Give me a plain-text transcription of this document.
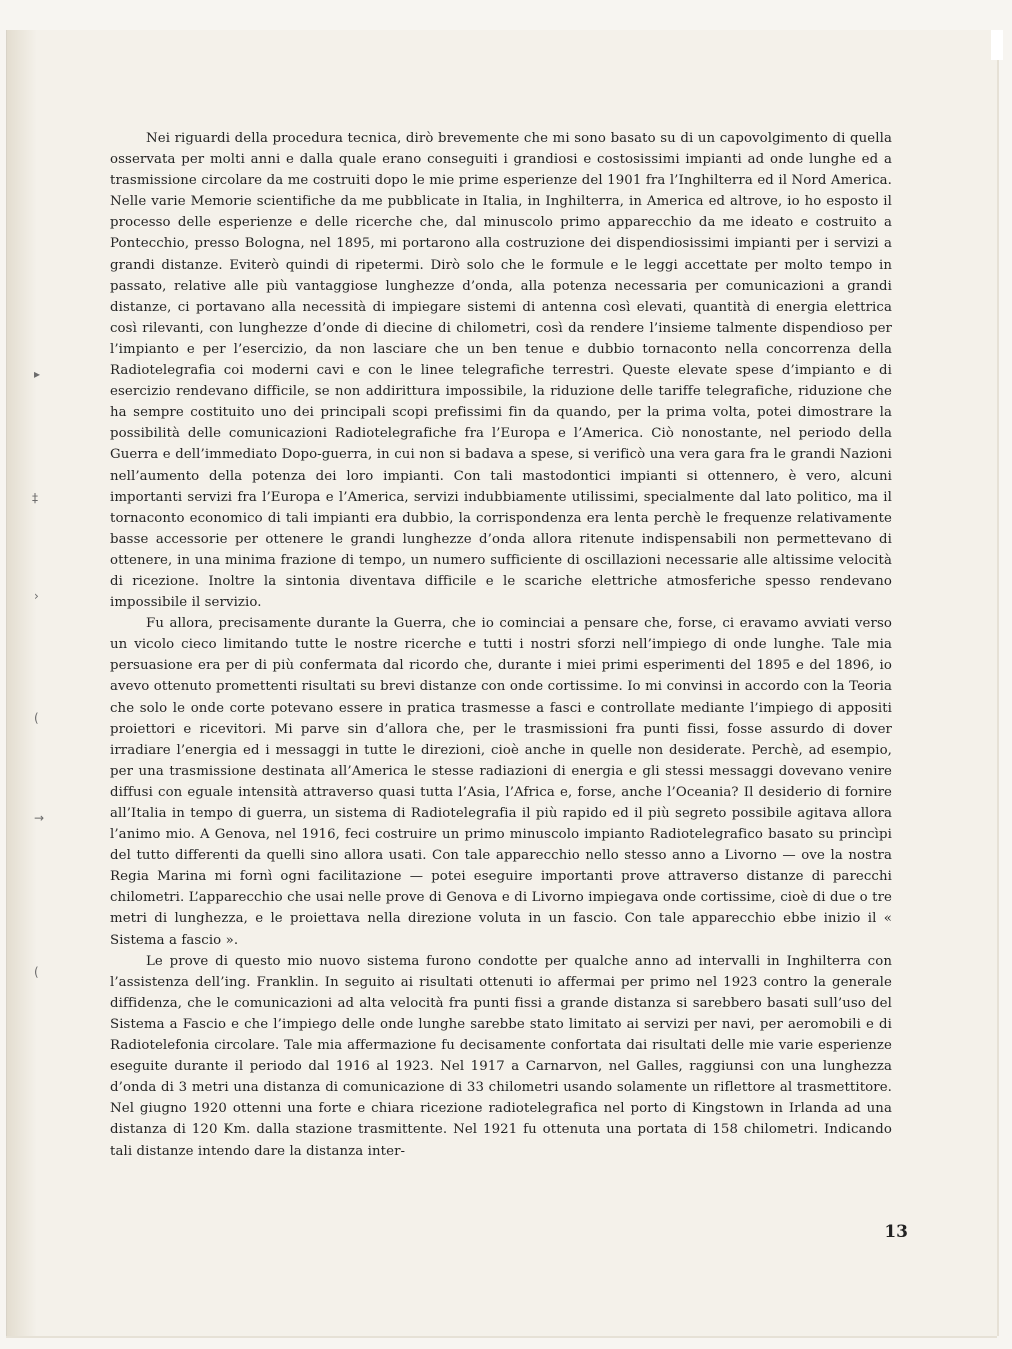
▸
‡
›
(
→
(

Nei riguardi della procedura tecnica, dirò brevemente che mi sono basato su di un capovolgimento di quella osservata per molti anni e dalla quale erano conseguiti i grandiosi e costosissimi impianti ad onde lunghe ed a trasmissione circolare da me costruiti dopo le mie prime esperienze del 1901 fra l’Inghilterra ed il Nord America. Nelle varie Memorie scientifiche da me pubblicate in Italia, in Inghilterra, in America ed altrove, io ho esposto il processo delle esperienze e delle ricerche che, dal minuscolo primo apparecchio da me ideato e costruito a Pontecchio, presso Bologna, nel 1895, mi portarono alla costruzione dei dispendiosissimi impianti per i servizi a grandi distanze. Eviterò quindi di ripetermi. Dirò solo che le formule e le leggi accettate per molto tempo in passato, relative alle più vantaggiose lunghezze d’onda, alla potenza necessaria per comunicazioni a grandi distanze, ci portavano alla necessità di impiegare sistemi di antenna così elevati, quantità di energia elettrica così rilevanti, con lunghezze d’onde di diecine di chilometri, così da rendere l’insieme talmente dispendioso per l’impianto e per l’esercizio, da non lasciare che un ben tenue e dubbio tornaconto nella concorrenza della Radiotelegrafia coi moderni cavi e con le linee telegrafiche terrestri. Queste elevate spese d’impianto e di esercizio rendevano difficile, se non addirittura impossibile, la riduzione delle tariffe telegrafiche, riduzione che ha sempre costituito uno dei principali scopi prefissimi fin da quando, per la prima volta, potei dimostrare la possibilità delle comunicazioni Radiotelegrafiche fra l’Europa e l’America. Ciò nonostante, nel periodo della Guerra e dell’immediato Dopo-guerra, in cui non si badava a spese, si verificò una vera gara fra le grandi Nazioni nell’aumento della potenza dei loro impianti. Con tali mastodontici impianti si ottennero, è vero, alcuni importanti servizi fra l’Europa e l’America, servizi indubbiamente utilissimi, specialmente dal lato politico, ma il tornaconto economico di tali impianti era dubbio, la corrispondenza era lenta perchè le frequenze relativamente basse accessorie per ottenere le grandi lunghezze d’onda allora ritenute indispensabili non permettevano di ottenere, in una minima frazione di tempo, un numero sufficiente di oscillazioni necessarie alle altissime velocità di ricezione. Inoltre la sintonia diventava difficile e le scariche elettriche atmosferiche spesso rendevano impossibile il servizio.

Fu allora, precisamente durante la Guerra, che io cominciai a pensare che, forse, ci eravamo avviati verso un vicolo cieco limitando tutte le nostre ricerche e tutti i nostri sforzi nell’impiego di onde lunghe. Tale mia persuasione era per di più confermata dal ricordo che, durante i miei primi esperimenti del 1895 e del 1896, io avevo ottenuto promettenti risultati su brevi distanze con onde cortissime. Io mi convinsi in accordo con la Teoria che solo le onde corte potevano essere in pratica trasmesse a fasci e controllate mediante l’impiego di appositi proiettori e ricevitori. Mi parve sin d’allora che, per le trasmissioni fra punti fissi, fosse assurdo di dover irradiare l’energia ed i messaggi in tutte le direzioni, cioè anche in quelle non desiderate. Perchè, ad esempio, per una trasmissione destinata all’America le stesse radiazioni di energia e gli stessi messaggi dovevano venire diffusi con eguale intensità attraverso quasi tutta l’Asia, l’Africa e, forse, anche l’Oceania? Il desiderio di fornire all’Italia in tempo di guerra, un sistema di Radiotelegrafia il più rapido ed il più segreto possibile agitava allora l’animo mio. A Genova, nel 1916, feci costruire un primo minuscolo impianto Radiotelegrafico basato su princìpi del tutto differenti da quelli sino allora usati. Con tale apparecchio nello stesso anno a Livorno — ove la nostra Regia Marina mi fornì ogni facilitazione — potei eseguire importanti prove attraverso distanze di parecchi chilometri. L’apparecchio che usai nelle prove di Genova e di Livorno impiegava onde cortissime, cioè di due o tre metri di lunghezza, e le proiettava nella direzione voluta in un fascio. Con tale apparecchio ebbe inizio il « Sistema a fascio ».

Le prove di questo mio nuovo sistema furono condotte per qualche anno ad intervalli in Inghilterra con l’assistenza dell’ing. Franklin. In seguito ai risultati ottenuti io affermai per primo nel 1923 contro la generale diffidenza, che le comunicazioni ad alta velocità fra punti fissi a grande distanza si sarebbero basati sull’uso del Sistema a Fascio e che l’impiego delle onde lunghe sarebbe stato limitato ai servizi per navi, per aeromobili e di Radiotelefonia circolare. Tale mia affermazione fu decisamente confortata dai risultati delle mie varie esperienze eseguite durante il periodo dal 1916 al 1923. Nel 1917 a Carnarvon, nel Galles, raggiunsi con una lunghezza d’onda di 3 metri una distanza di comunicazione di 33 chilometri usando solamente un riflettore al trasmettitore. Nel giugno 1920 ottenni una forte e chiara ricezione radiotelegrafica nel porto di Kingstown in Irlanda ad una distanza di 120 Km. dalla stazione trasmittente. Nel 1921 fu ottenuta una portata di 158 chilometri. Indicando tali distanze intendo dare la distanza inter-

13
